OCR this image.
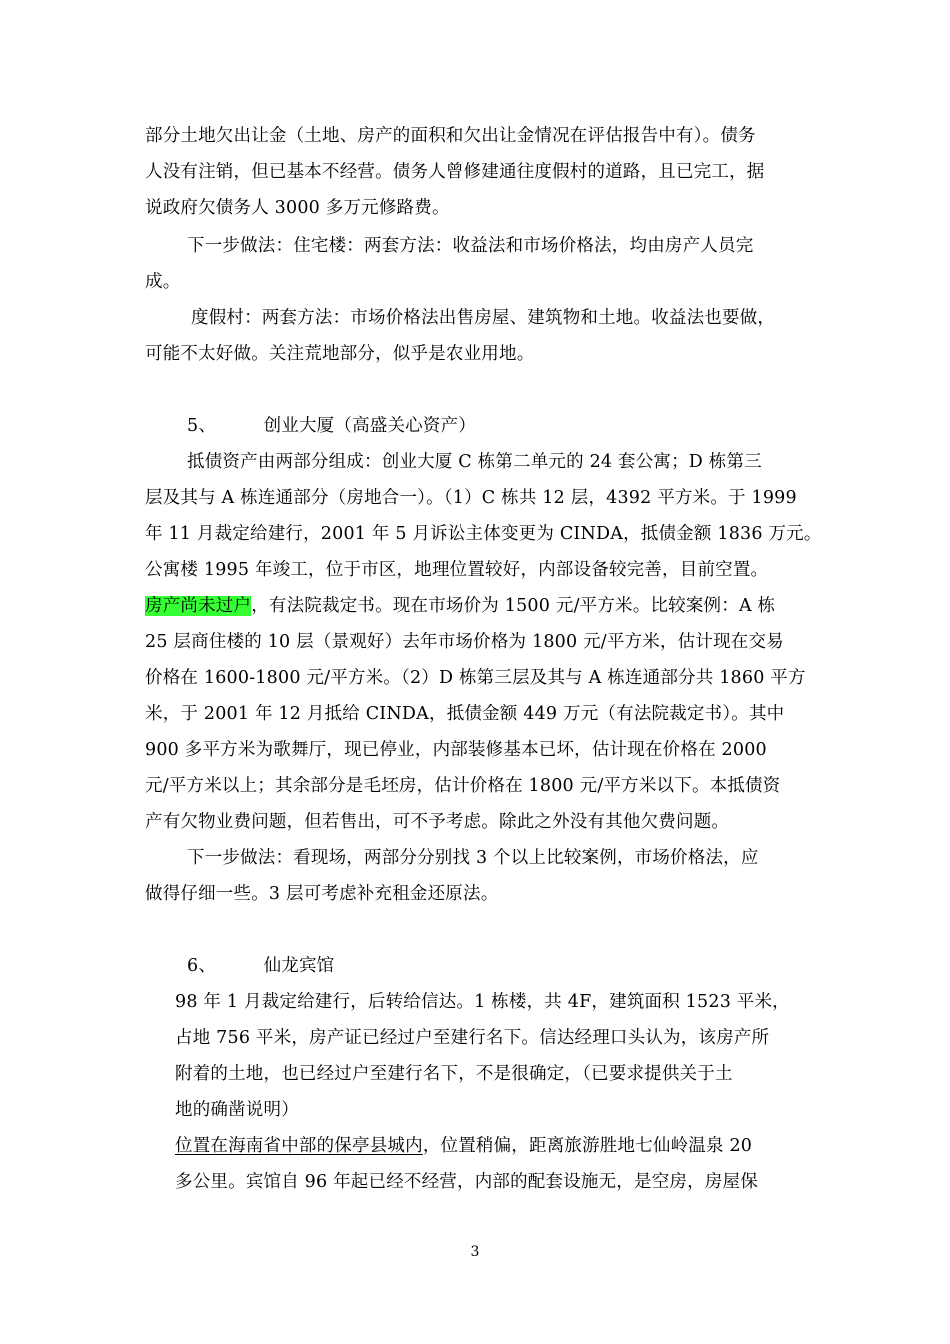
部分土地欠出让金（土地、房产的面积和欠出让金情况在评估报告中有）。债务
人没有注销，但已基本不经营。债务人曾修建通往度假村的道路，且已完工，据
说政府欠债务人 3000 多万元修路费。
下一步做法：住宅楼：两套方法：收益法和市场价格法，均由房产人员完
成。
度假村：两套方法：市场价格法出售房屋、建筑物和土地。收益法也要做，
可能不太好做。关注荒地部分，似乎是农业用地。
5、	创业大厦（高盛关心资产）
抵债资产由两部分组成：创业大厦 C 栋第二单元的 24 套公寓；D 栋第三
层及其与 A 栋连通部分（房地合一）。（1）C 栋共 12 层，4392 平方米。于 1999
年 11 月裁定给建行，2001 年 5 月诉讼主体变更为 CINDA，抵债金额 1836 万元。
公寓楼 1995 年竣工，位于市区，地理位置较好，内部设备较完善，目前空置。
房产尚未过户，有法院裁定书。现在市场价为 1500 元/平方米。比较案例：A 栋
25 层商住楼的 10 层（景观好）去年市场价格为 1800 元/平方米，估计现在交易
价格在 1600-1800 元/平方米。（2）D 栋第三层及其与 A 栋连通部分共 1860 平方
米，于 2001 年 12 月抵给 CINDA，抵债金额 449 万元（有法院裁定书）。其中
900 多平方米为歌舞厅，现已停业，内部装修基本已坏，估计现在价格在 2000
元/平方米以上；其余部分是毛坯房，估计价格在 1800 元/平方米以下。本抵债资
产有欠物业费问题，但若售出，可不予考虑。除此之外没有其他欠费问题。
下一步做法：看现场，两部分分别找 3 个以上比较案例，市场价格法，应
做得仔细一些。3 层可考虑补充租金还原法。
6、	仙龙宾馆
98 年 1 月裁定给建行，后转给信达。1 栋楼，共 4F，建筑面积 1523 平米，
占地 756 平米，房产证已经过户至建行名下。信达经理口头认为，该房产所
附着的土地，也已经过户至建行名下，不是很确定，（已要求提供关于土
地的确凿说明）
位置在海南省中部的保亭县城内，位置稍偏，距离旅游胜地七仙岭温泉 20
多公里。宾馆自 96 年起已经不经营，内部的配套设施无，是空房，房屋保
3
